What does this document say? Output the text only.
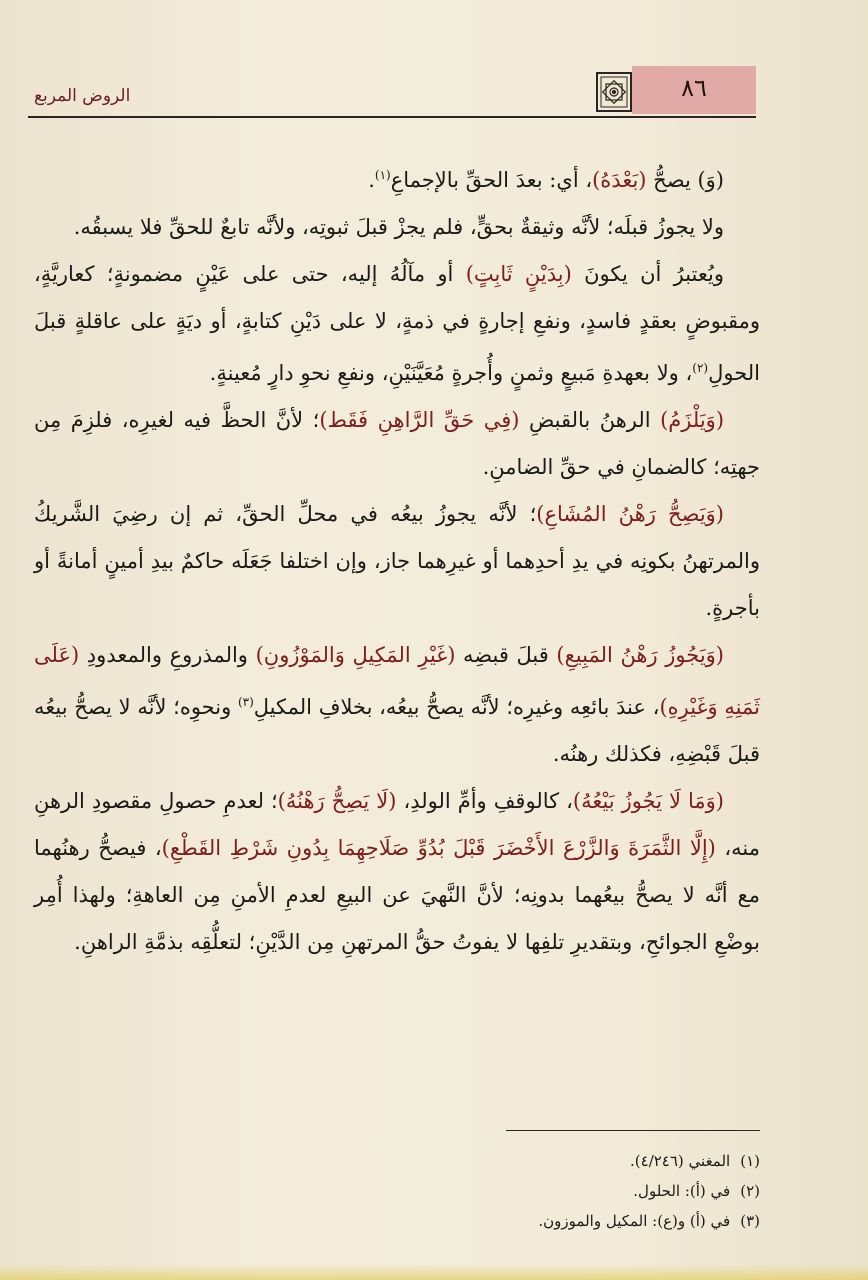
الروض المربع	٨٦

(وَ) يصحُّ (بَعْدَهُ)، أي: بعدَ الحقِّ بالإجماعِ$^{(١)}$.

ولا يجوزُ قبلَه؛ لأنَّه وثيقةٌ بحقٍّ، فلم يجزْ قبلَ ثبوتِه، ولأنَّه تابعٌ للحقِّ فلا يسبقُه.

ويُعتبرُ أن يكونَ (بِدَيْنٍ ثَابِتٍ) أو مآلُهُ إليه، حتى على عَيْنٍ مضمونةٍ؛ كعاريَّةٍ، ومقبوضٍ بعقدٍ فاسدٍ، ونفعِ إجارةٍ في ذمةٍ، لا على دَيْنِ كتابةٍ، أو ديَةٍ على عاقلةٍ قبلَ الحولِ$^{(٢)}$، ولا بعهدةِ مَبيعٍ وثمنٍ وأُجرةٍ مُعَيَّنَيْنِ، ونفعِ نحوِ دارٍ مُعينةٍ.

(وَيَلْزَمُ) الرهنُ بالقبضِ (فِي حَقِّ الرَّاهِنِ فَقَط)؛ لأنَّ الحظَّ فيه لغيرِه، فلزِمَ مِن جهتِه؛ كالضمانِ في حقِّ الضامنِ.

(وَيَصِحُّ رَهْنُ المُشَاعِ)؛ لأنَّه يجوزُ بيعُه في محلِّ الحقِّ، ثم إن رضِيَ الشَّريكُ والمرتهنُ بكونِه في يدِ أحدِهما أو غيرِهما جاز، وإن اختلفا جَعَلَه حاكمٌ بيدِ أمينٍ أمانةً أو بأجرةٍ.

(وَيَجُوزُ رَهْنُ المَبِيعِ) قبلَ قبضِه (غَيْرِ المَكِيلِ وَالمَوْزُونِ) والمذروعِ والمعدودِ (عَلَى ثَمَنِهِ وَغَيْرِهِ)، عندَ بائعِه وغيرِه؛ لأنَّه يصحُّ بيعُه، بخلافِ المكيلِ$^{(٣)}$ ونحوِه؛ لأنَّه لا يصحُّ بيعُه قبلَ قَبْضِهِ، فكذلك رهنُه.

(وَمَا لَا يَجُوزُ بَيْعُهُ)، كالوقفِ وأمِّ الولدِ، (لَا يَصِحُّ رَهْنُهُ)؛ لعدمِ حصولِ مقصودِ الرهنِ منه، (إِلَّا الثَّمَرَةَ وَالزَّرْعَ الأَخْضَرَ قَبْلَ بُدُوِّ صَلَاحِهِمَا بِدُونِ شَرْطِ القَطْعِ)، فيصحُّ رهنُهما مع أنَّه لا يصحُّ بيعُهما بدونِه؛ لأنَّ النَّهيَ عن البيعِ لعدمِ الأمنِ مِن العاهةِ؛ ولهذا أُمِر بوضْعِ الجوائحِ، وبتقديرِ تلفِها لا يفوتُ حقُّ المرتهنِ مِن الدَّيْنِ؛ لتعلُّقِه بذمَّةِ الراهنِ.

(١)المغني (٤/٢٤٦).

(٢)في (أ): الحلول.

(٣)في (أ) و(ع): المكيل والموزون.
